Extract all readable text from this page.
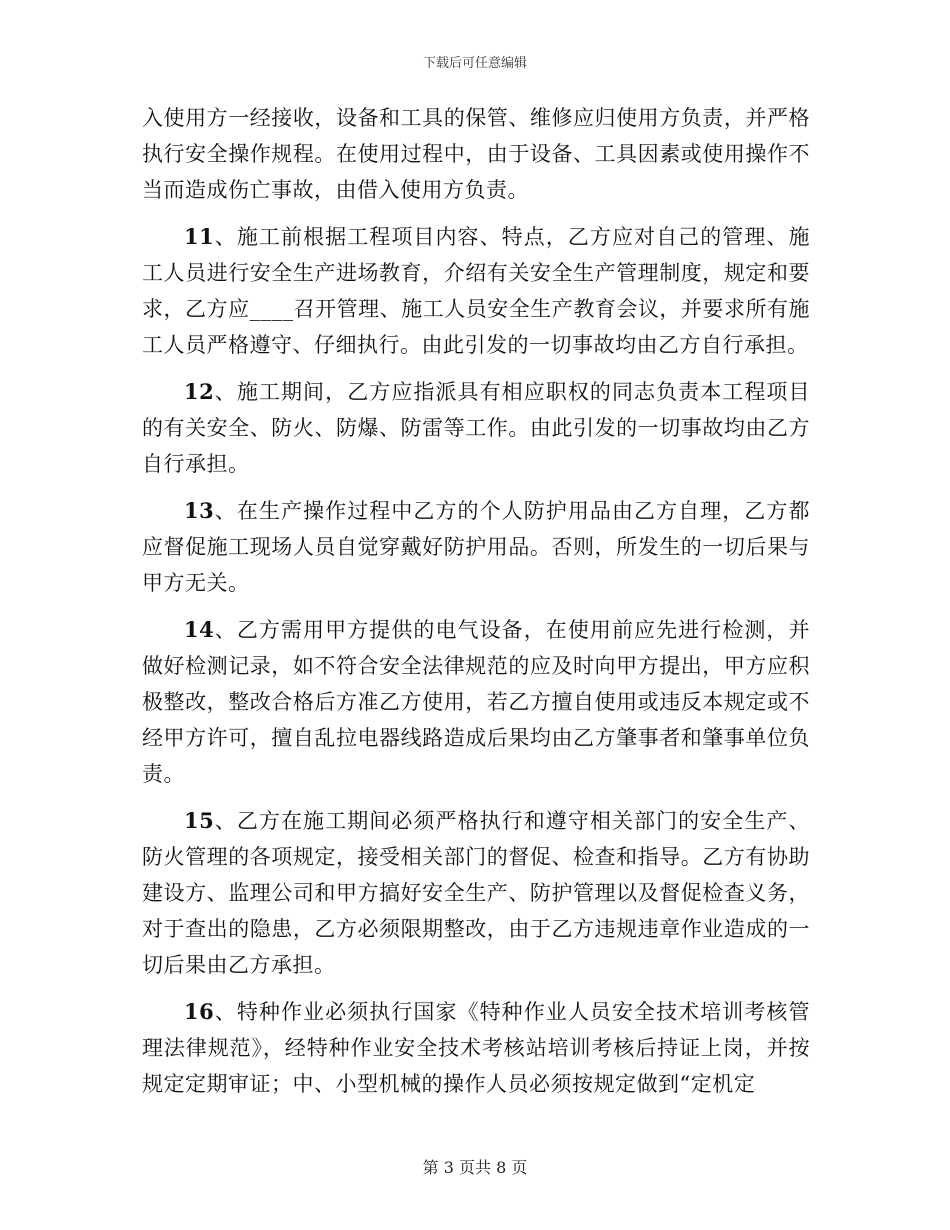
下载后可任意编辑

入使用方一经接收，设备和工具的保管、维修应归使用方负责，并严格执行安全操作规程。在使用过程中，由于设备、工具因素或使用操作不当而造成伤亡事故，由借入使用方负责。

11、施工前根据工程项目内容、特点，乙方应对自己的管理、施工人员进行安全生产进场教育，介绍有关安全生产管理制度，规定和要求，乙方应____召开管理、施工人员安全生产教育会议，并要求所有施工人员严格遵守、仔细执行。由此引发的一切事故均由乙方自行承担。

12、施工期间，乙方应指派具有相应职权的同志负责本工程项目的有关安全、防火、防爆、防雷等工作。由此引发的一切事故均由乙方自行承担。

13、在生产操作过程中乙方的个人防护用品由乙方自理，乙方都应督促施工现场人员自觉穿戴好防护用品。否则，所发生的一切后果与甲方无关。

14、乙方需用甲方提供的电气设备，在使用前应先进行检测，并做好检测记录，如不符合安全法律规范的应及时向甲方提出，甲方应积极整改，整改合格后方准乙方使用，若乙方擅自使用或违反本规定或不经甲方许可，擅自乱拉电器线路造成后果均由乙方肇事者和肇事单位负责。

15、乙方在施工期间必须严格执行和遵守相关部门的安全生产、防火管理的各项规定，接受相关部门的督促、检查和指导。乙方有协助建设方、监理公司和甲方搞好安全生产、防护管理以及督促检查义务，对于查出的隐患，乙方必须限期整改，由于乙方违规违章作业造成的一切后果由乙方承担。

16、特种作业必须执行国家《特种作业人员安全技术培训考核管理法律规范》，经特种作业安全技术考核站培训考核后持证上岗，并按规定定期审证；中、小型机械的操作人员必须按规定做到“定机定

第 3 页共 8 页
